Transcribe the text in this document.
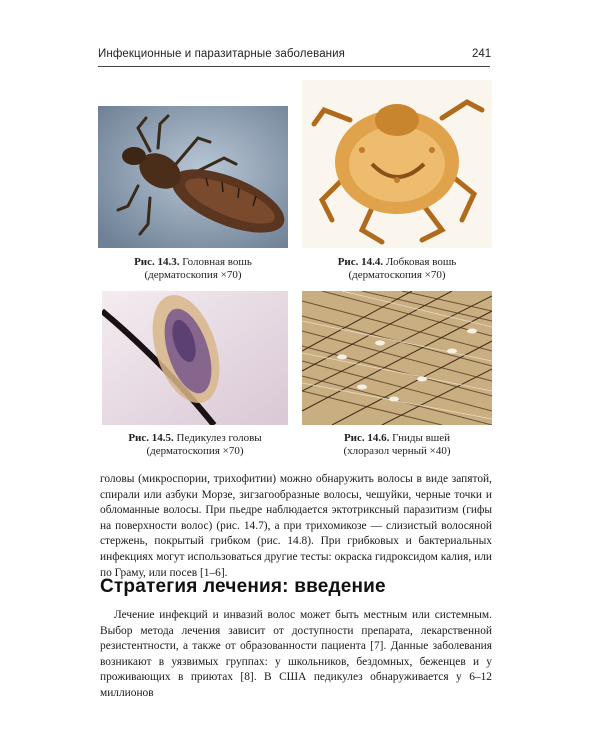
Инфекционные и паразитарные заболевания	241
Рис. 14.3. Головная вошь
(дерматоскопия ×70)
Рис. 14.4. Лобковая вошь
(дерматоскопия ×70)
Рис. 14.5. Педикулез головы
(дерматоскопия ×70)
Рис. 14.6. Гниды вшей
(хлоразол черный ×40)

головы (микроспории, трихофитии) можно обнаружить волосы в виде запятой, спирали или азбуки Морзе, зигзагообразные волосы, чешуйки, черные точки и обломанные волосы. При пьедре наблюдается эктотриксный паразитизм (гифы на поверхности волос) (рис. 14.7), а при трихомикозе — слизистый волосяной стержень, покрытый грибком (рис. 14.8). При грибковых и бактериальных инфекциях могут использоваться другие тесты: окраска гидроксидом калия, или по Граму, или посев [1–6].

Стратегия лечения: введение

Лечение инфекций и инвазий волос может быть местным или системным. Выбор метода лечения зависит от доступности препарата, лекарственной резистентности, а также от образованности пациента [7]. Данные заболевания возникают в уязвимых группах: у школьников, бездомных, беженцев и у проживающих в приютах [8]. В США педикулез обнаруживается у 6–12 миллионов
